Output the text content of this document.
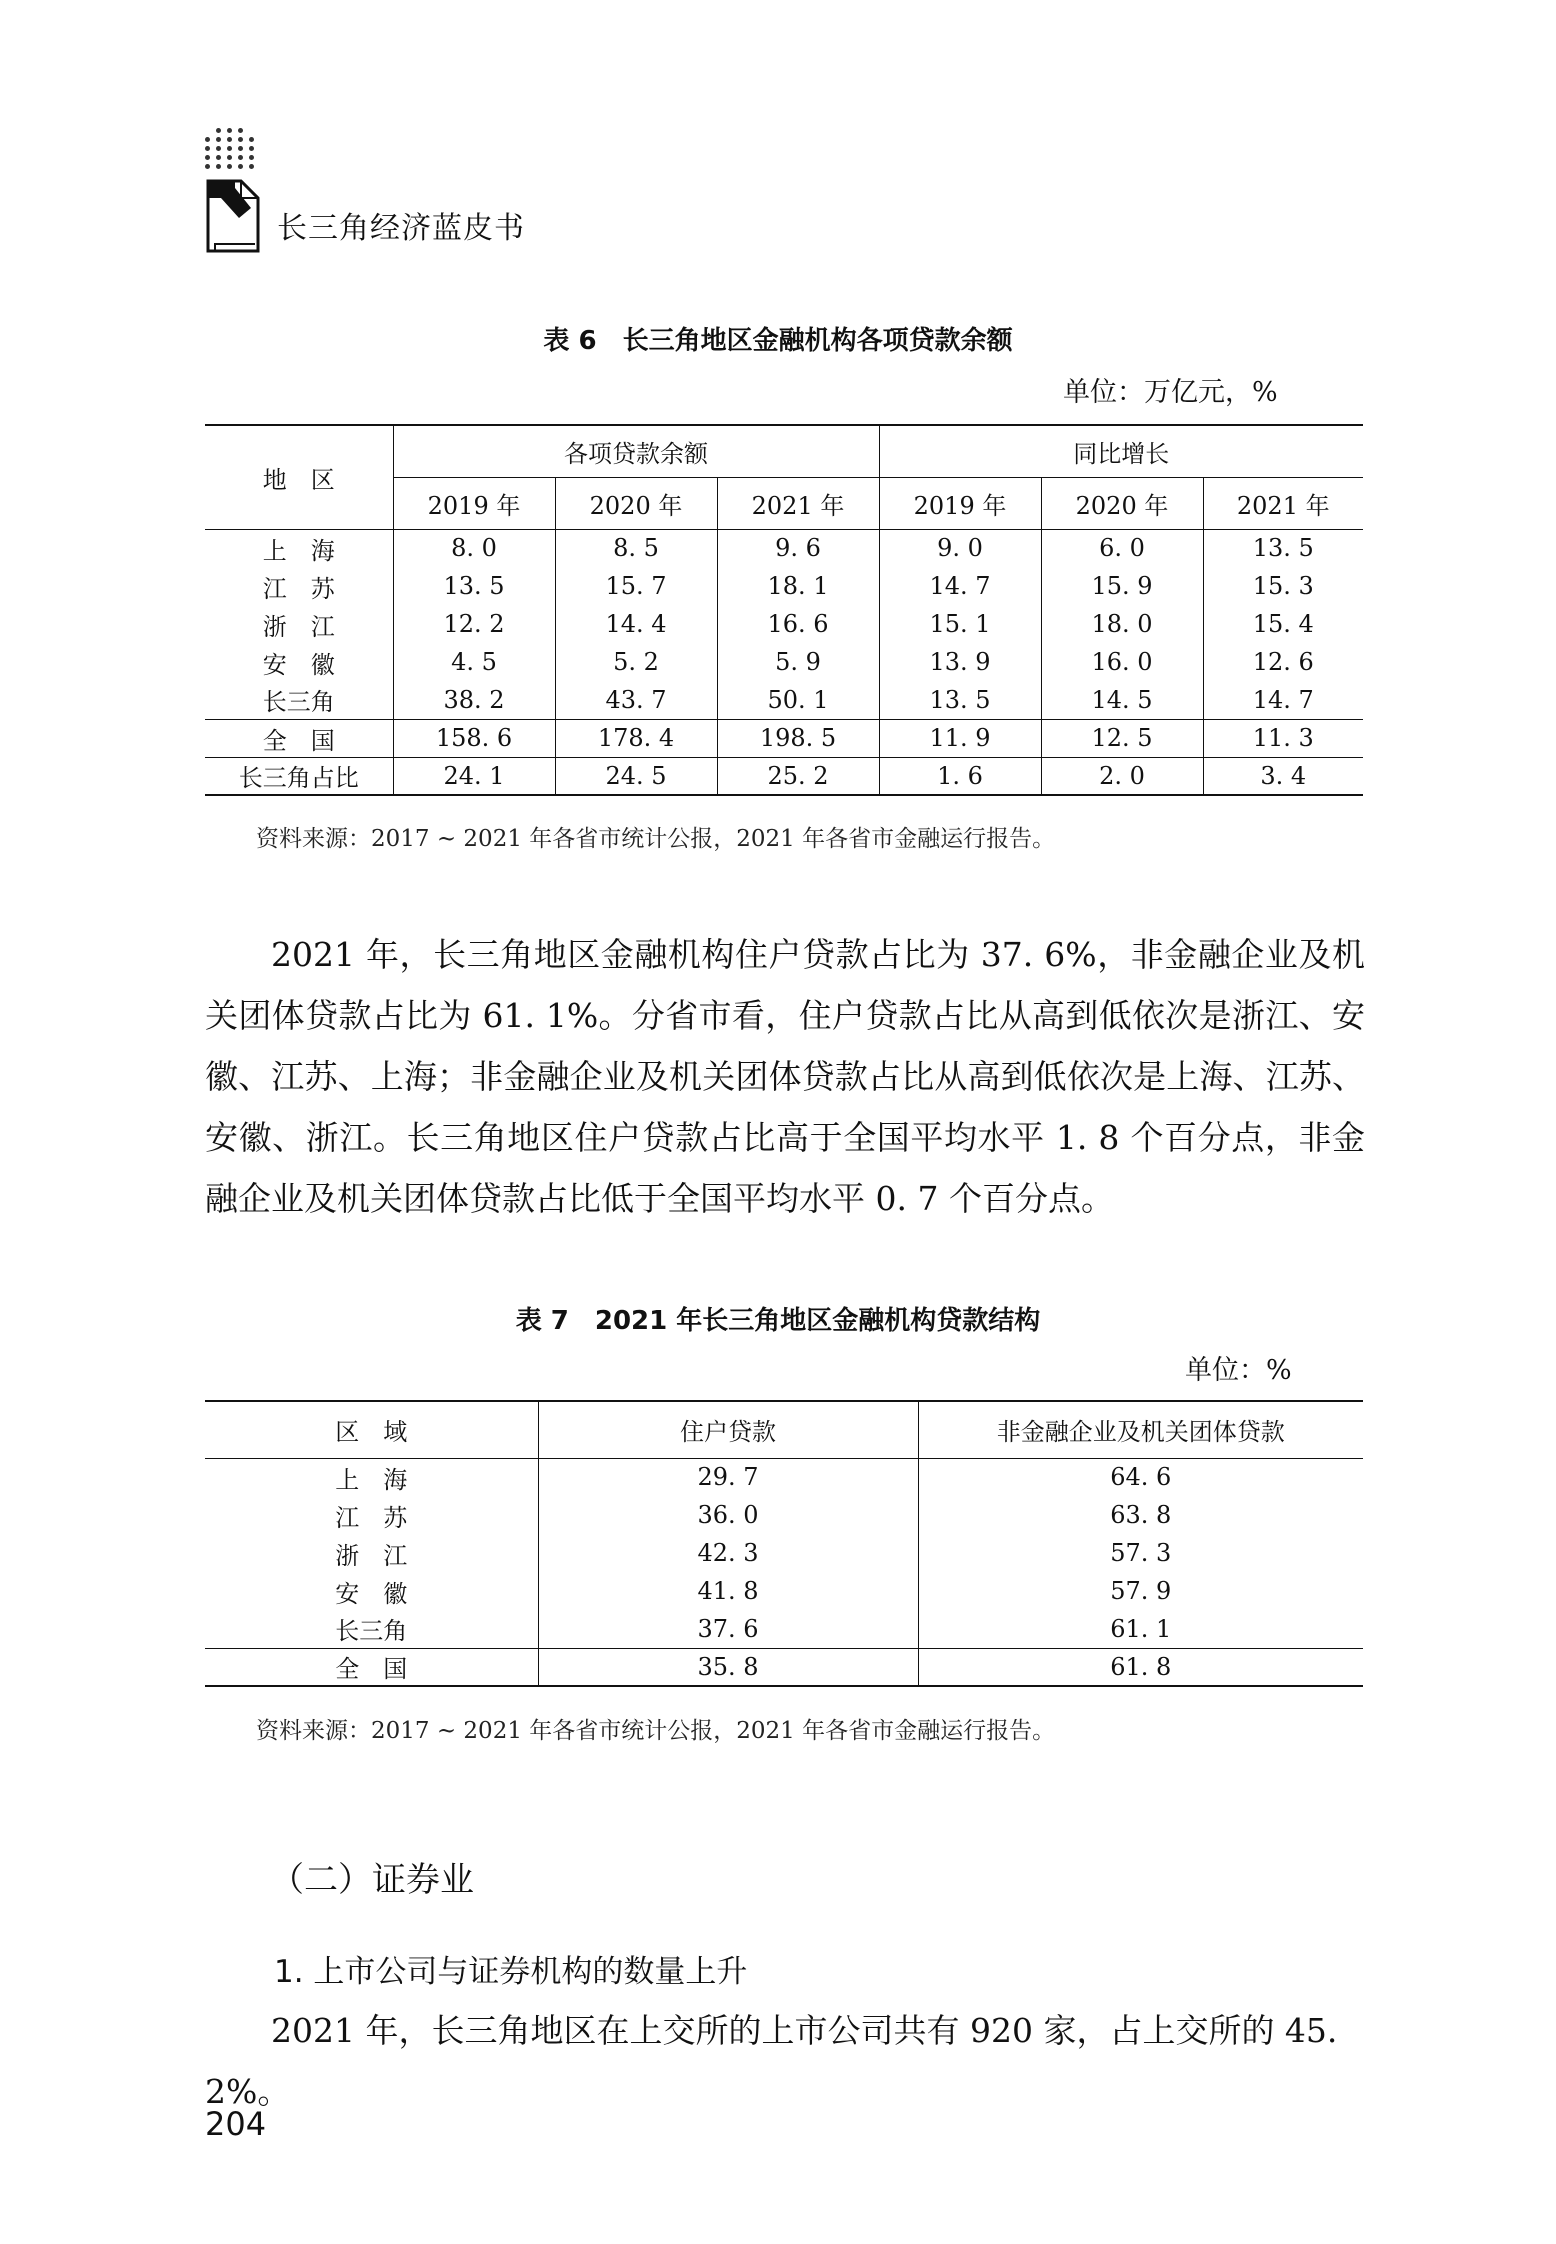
长三角经济蓝皮书
表 6　长三角地区金融机构各项贷款余额
单位：万亿元，%
地　区	各项贷款余额			同比增长		
	2019 年	2020 年	2021 年	2019 年	2020 年	2021 年
上　海	8. 0	8. 5	9. 6	9. 0	6. 0	13. 5
江　苏	13. 5	15. 7	18. 1	14. 7	15. 9	15. 3
浙　江	12. 2	14. 4	16. 6	15. 1	18. 0	15. 4
安　徽	4. 5	5. 2	5. 9	13. 9	16. 0	12. 6
长三角	38. 2	43. 7	50. 1	13. 5	14. 5	14. 7
全　国	158. 6	178. 4	198. 5	11. 9	12. 5	11. 3
长三角占比	24. 1	24. 5	25. 2	1. 6	2. 0	3. 4
资料来源：2017 ~ 2021 年各省市统计公报，2021 年各省市金融运行报告。
2021 年，长三角地区金融机构住户贷款占比为 37. 6%，非金融企业及机关团体贷款占比为 61. 1%。分省市看，住户贷款占比从高到低依次是浙江、安徽、江苏、上海；非金融企业及机关团体贷款占比从高到低依次是上海、江苏、安徽、浙江。长三角地区住户贷款占比高于全国平均水平 1. 8 个百分点，非金融企业及机关团体贷款占比低于全国平均水平 0. 7 个百分点。
表 7　2021 年长三角地区金融机构贷款结构
单位：%
区　域	住户贷款	非金融企业及机关团体贷款
上　海	29. 7	64. 6
江　苏	36. 0	63. 8
浙　江	42. 3	57. 3
安　徽	41. 8	57. 9
长三角	37. 6	61. 1
全　国	35. 8	61. 8
资料来源：2017 ~ 2021 年各省市统计公报，2021 年各省市金融运行报告。
（二）证券业
1. 上市公司与证券机构的数量上升
2021 年，长三角地区在上交所的上市公司共有 920 家，占上交所的 45. 2%。
204
